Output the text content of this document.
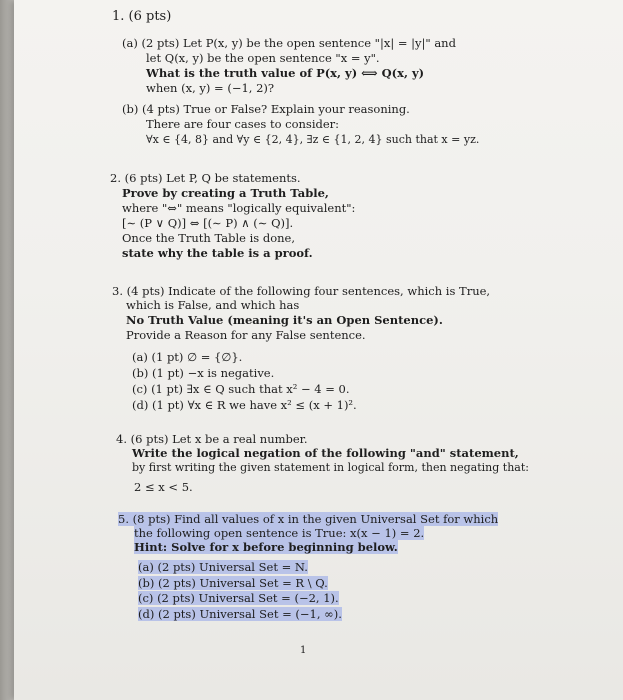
1. (6 pts)
(a) (2 pts) Let P(x, y) be the open sentence "|x| = |y|" and
let Q(x, y) be the open sentence "x = y".
What is the truth value of P(x, y) ⟺ Q(x, y)
when (x, y) = (−1, 2)?
(b) (4 pts) True or False? Explain your reasoning.
There are four cases to consider:
∀x ∈ {4, 8} and ∀y ∈ {2, 4}, ∃z ∈ {1, 2, 4} such that x = yz.
2. (6 pts) Let P, Q be statements.
Prove by creating a Truth Table,
where "⇔" means "logically equivalent":
[∼ (P ∨ Q)] ⇔ [(∼ P) ∧ (∼ Q)].
Once the Truth Table is done,
state why the table is a proof.
3. (4 pts) Indicate of the following four sentences, which is True,
which is False, and which has
No Truth Value (meaning it's an Open Sentence).
Provide a Reason for any False sentence.
(a) (1 pt) ∅ = {∅}.
(b) (1 pt) −x is negative.
(c) (1 pt) ∃x ∈ Q such that x² − 4 = 0.
(d) (1 pt) ∀x ∈ R we have x² ≤ (x + 1)².
4. (6 pts) Let x be a real number.
Write the logical negation of the following "and" statement,
by first writing the given statement in logical form, then negating that:
2 ≤ x < 5.
5. (8 pts) Find all values of x in the given Universal Set for which
the following open sentence is True: x(x − 1) = 2.
Hint: Solve for x before beginning below.
(a) (2 pts) Universal Set = N.
(b) (2 pts) Universal Set = R \ Q.
(c) (2 pts) Universal Set = (−2, 1).
(d) (2 pts) Universal Set = (−1, ∞).
1
